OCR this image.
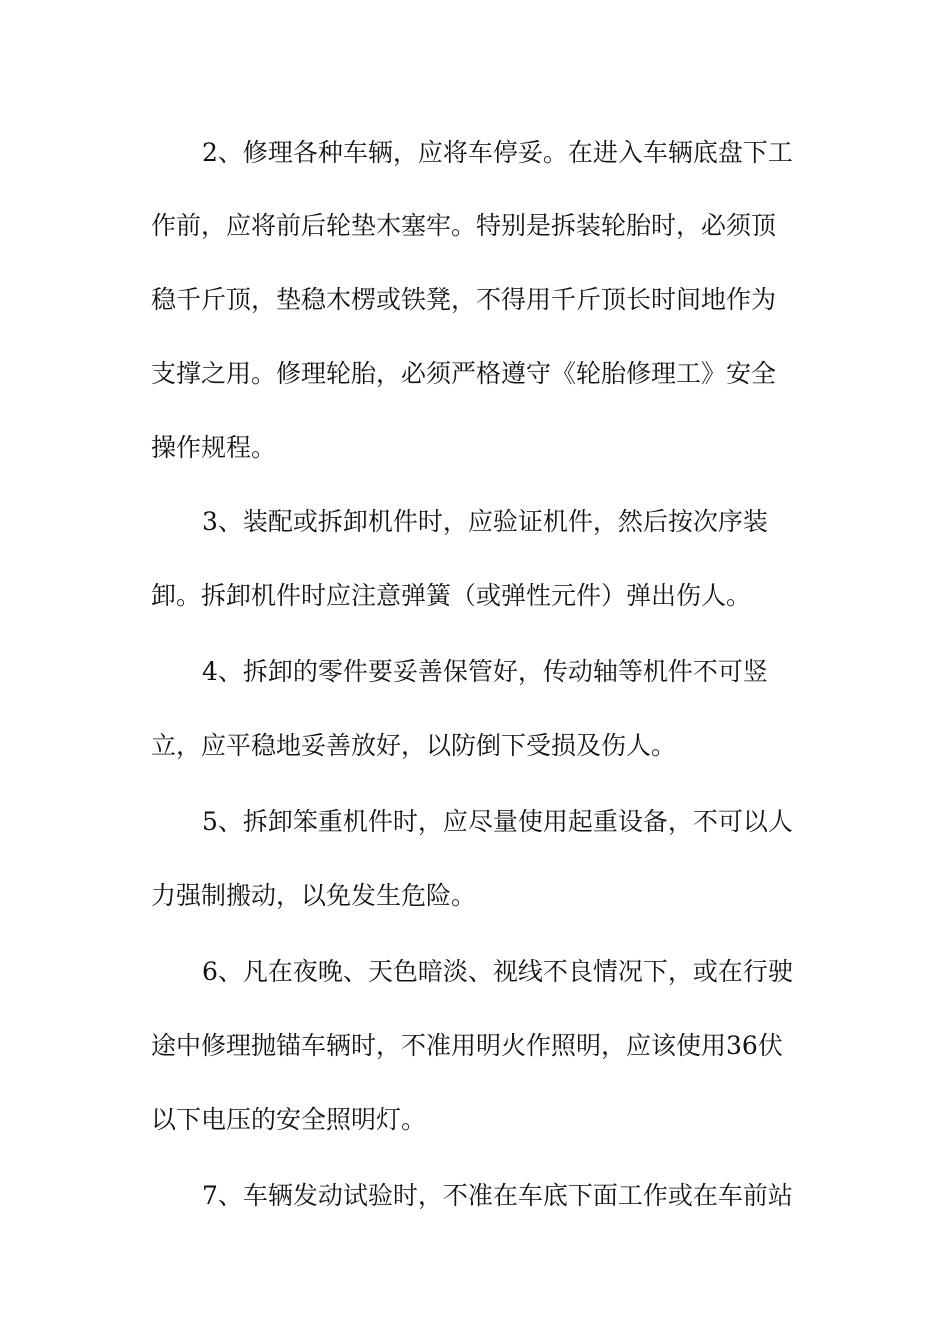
2、修理各种车辆，应将车停妥。在进入车辆底盘下工
作前，应将前后轮垫木塞牢。特别是拆装轮胎时，必须顶
稳千斤顶，垫稳木楞或铁凳，不得用千斤顶长时间地作为
支撑之用。修理轮胎，必须严格遵守《轮胎修理工》安全
操作规程。
3、装配或拆卸机件时，应验证机件，然后按次序装
卸。拆卸机件时应注意弹簧（或弹性元件）弹出伤人。
4、拆卸的零件要妥善保管好，传动轴等机件不可竖
立，应平稳地妥善放好，以防倒下受损及伤人。
5、拆卸笨重机件时，应尽量使用起重设备，不可以人
力强制搬动，以免发生危险。
6、凡在夜晚、天色暗淡、视线不良情况下，或在行驶
途中修理抛锚车辆时，不准用明火作照明，应该使用36伏
以下电压的安全照明灯。
7、车辆发动试验时，不准在车底下面工作或在车前站
